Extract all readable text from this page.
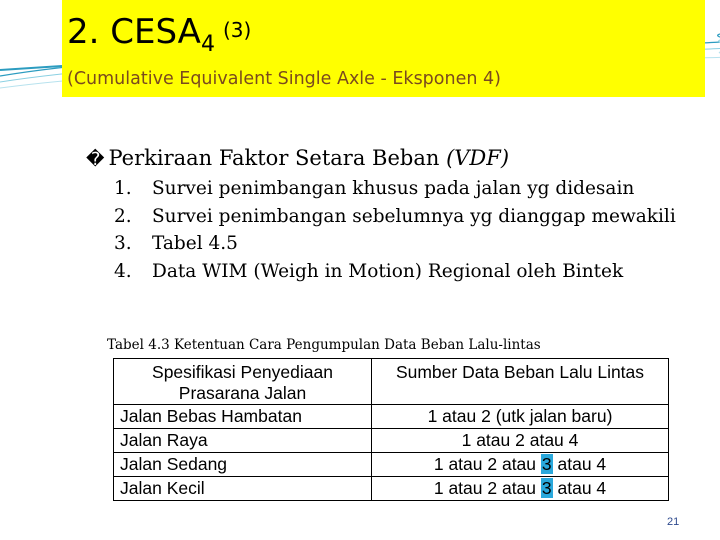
2. $CESA_4(3)$
(Cumulative Equivalent Single Axle - Eksponen 4)
� Perkiraan Faktor Setara Beban (VDF)
1. Survei penimbangan khusus pada jalan yg didesain
2. Survei penimbangan sebelumnya yg dianggap mewakili
3. Tabel 4.5
4. Data WIM (Weigh in Motion) Regional oleh Bintek
Tabel 4.3 Ketentuan Cara Pengumpulan Data Beban Lalu-lintas
Spesifikasi Penyediaan Prasarana Jalan	Sumber Data Beban Lalu Lintas
Jalan Bebas Hambatan	1 atau 2 (utk jalan baru)
Jalan Raya	1 atau 2 atau 4
Jalan Sedang	1 atau 2 atau 3 atau 4
Jalan Kecil	1 atau 2 atau 3 atau 4
21
